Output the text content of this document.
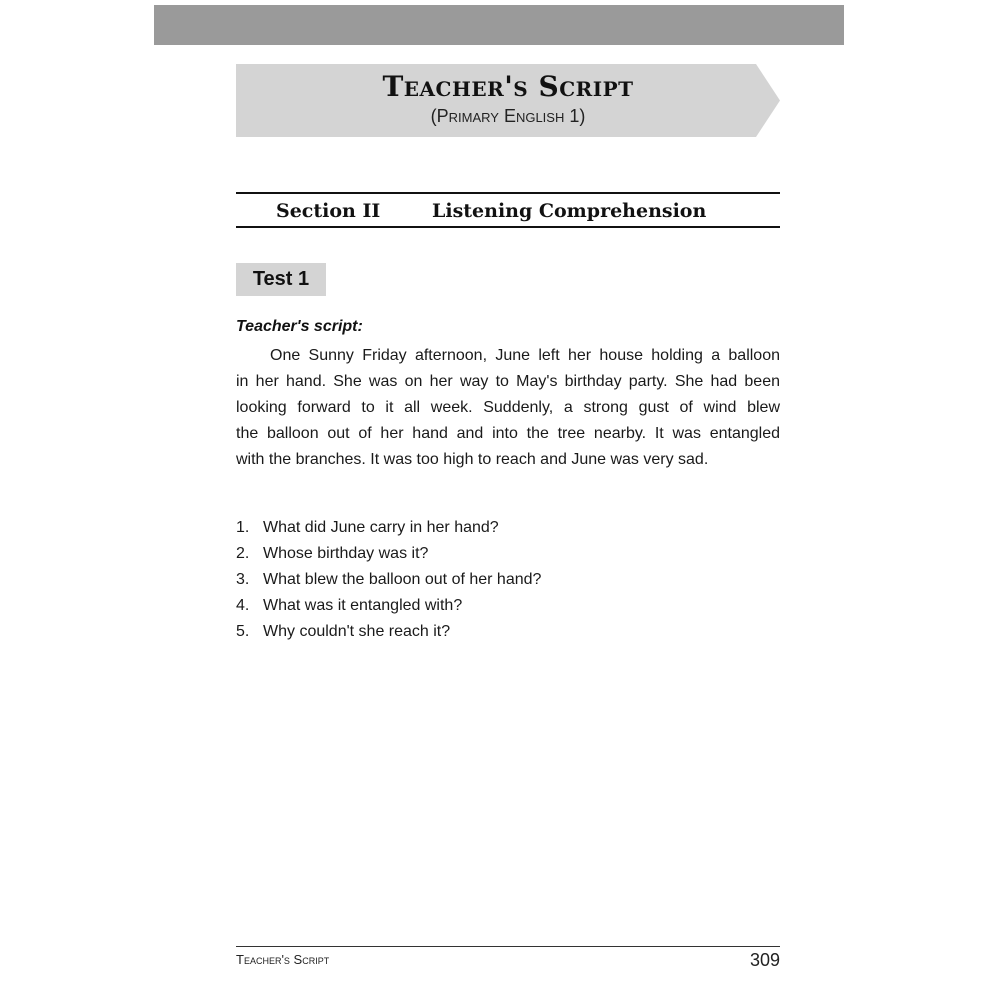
Teacher's Script
(Primary English 1)
Section II	Listening Comprehension
Test 1
Teacher's script:
One Sunny Friday afternoon, June left her house holding a balloon
in her hand. She was on her way to May's birthday party. She had been
looking forward to it all week. Suddenly, a strong gust of wind blew
the balloon out of her hand and into the tree nearby. It was entangled
with the branches. It was too high to reach and June was very sad.
1. What did June carry in her hand?
2. Whose birthday was it?
3. What blew the balloon out of her hand?
4. What was it entangled with?
5. Why couldn't she reach it?
Teacher's Script	309
